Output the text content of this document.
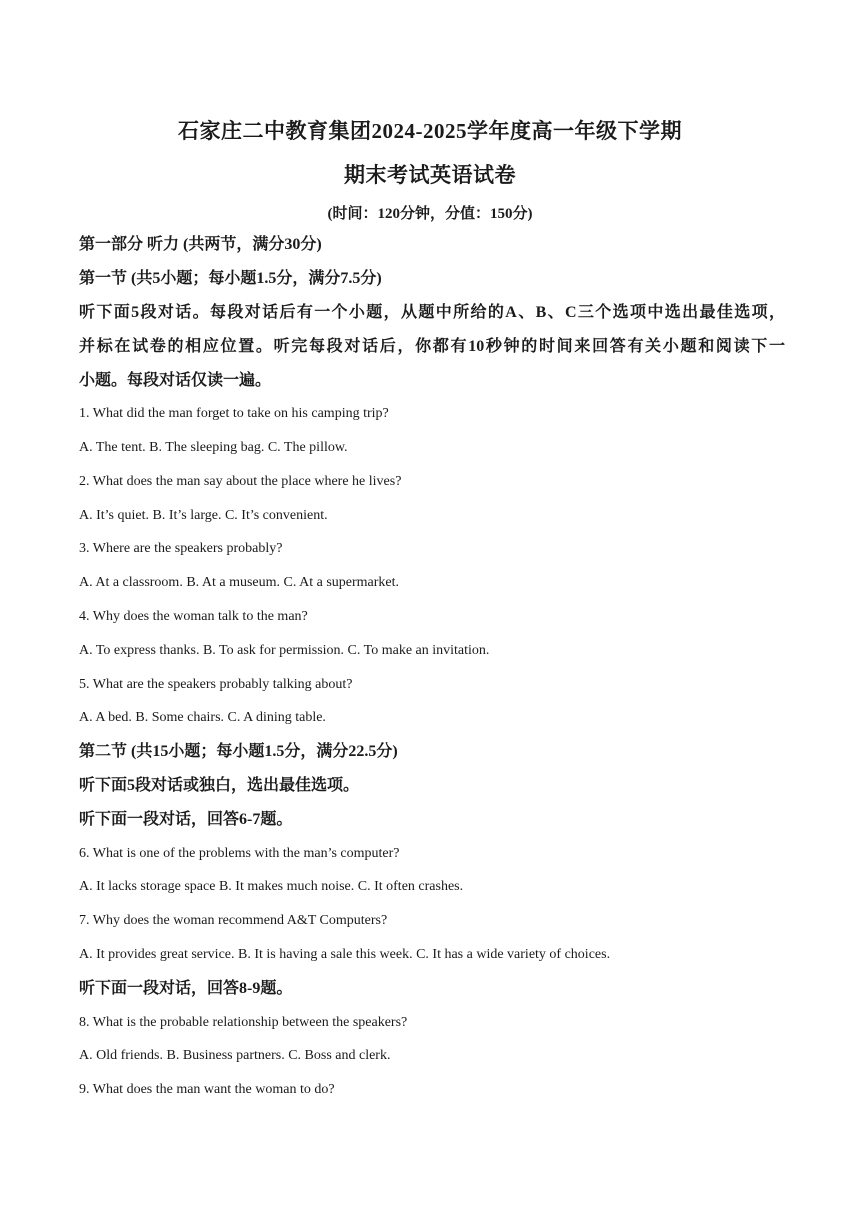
石家庄二中教育集团2024-2025学年度高一年级下学期
期末考试英语试卷
(时间：120分钟，分值：150分)
第一部分 听力 (共两节，满分30分)
第一节 (共5小题；每小题1.5分，满分7.5分)
听下面5段对话。每段对话后有一个小题，从题中所给的A、B、C三个选项中选出最佳选项，
并标在试卷的相应位置。听完每段对话后，你都有10秒钟的时间来回答有关小题和阅读下一
小题。每段对话仅读一遍。
1. What did the man forget to take on his camping trip?
A. The tent. B. The sleeping bag. C. The pillow.
2. What does the man say about the place where he lives?
A. It’s quiet. B. It’s large. C. It’s convenient.
3. Where are the speakers probably?
A. At a classroom. B. At a museum. C. At a supermarket.
4. Why does the woman talk to the man?
A. To express thanks. B. To ask for permission. C. To make an invitation.
5. What are the speakers probably talking about?
A. A bed. B. Some chairs. C. A dining table.
第二节 (共15小题；每小题1.5分，满分22.5分)
听下面5段对话或独白，选出最佳选项。
听下面一段对话，回答6-7题。
6. What is one of the problems with the man’s computer?
A. It lacks storage space B. It makes much noise. C. It often crashes.
7. Why does the woman recommend A&T Computers?
A. It provides great service. B. It is having a sale this week. C. It has a wide variety of choices.
听下面一段对话，回答8-9题。
8. What is the probable relationship between the speakers?
A. Old friends. B. Business partners. C. Boss and clerk.
9. What does the man want the woman to do?
